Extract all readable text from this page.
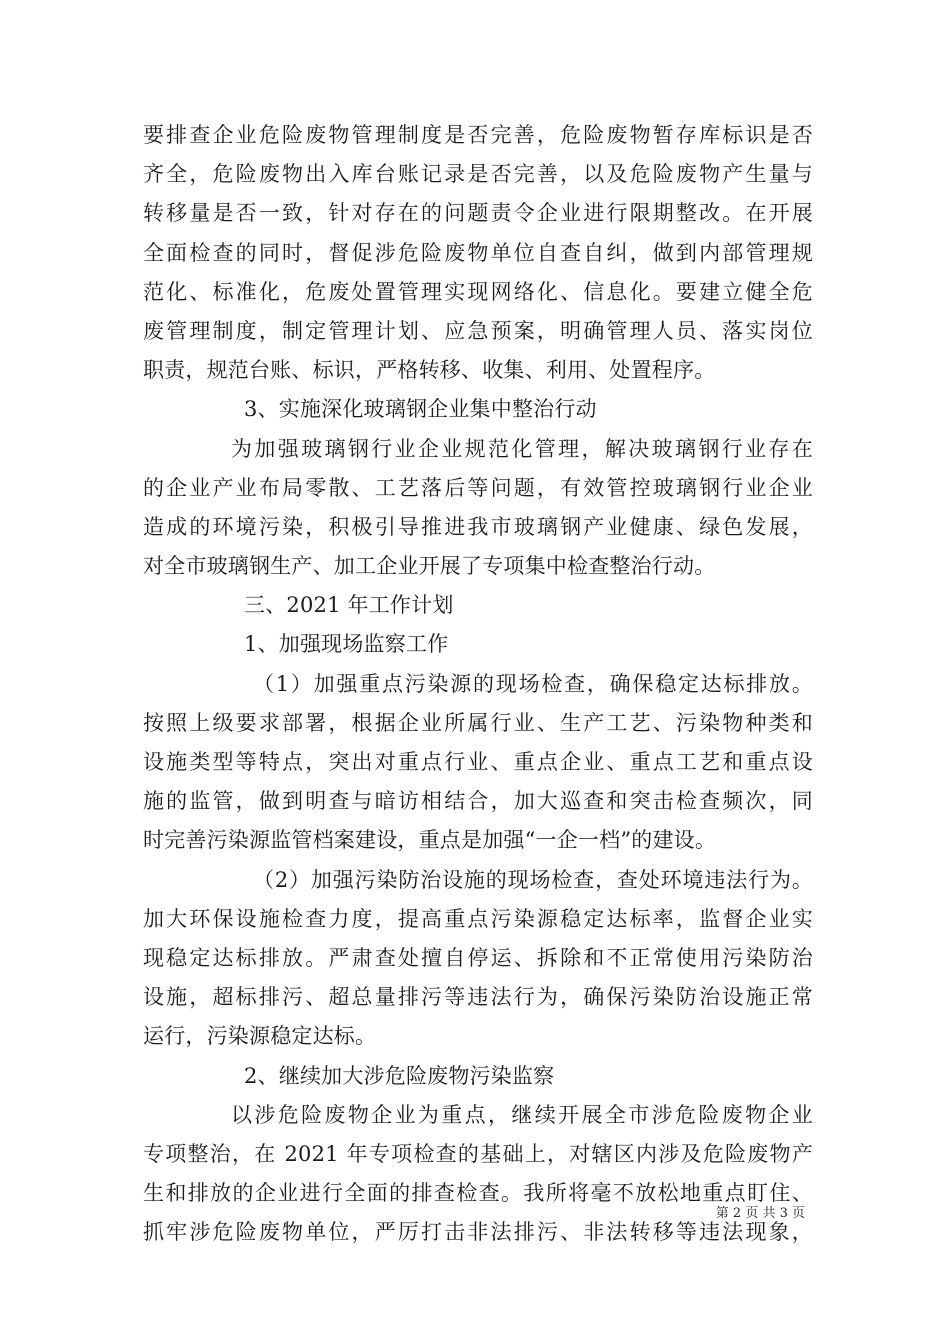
要排查企业危险废物管理制度是否完善，危险废物暂存库标识是否
齐全，危险废物出入库台账记录是否完善，以及危险废物产生量与
转移量是否一致，针对存在的问题责令企业进行限期整改。在开展
全面检查的同时，督促涉危险废物单位自查自纠，做到内部管理规
范化、标准化，危废处置管理实现网络化、信息化。要建立健全危
废管理制度，制定管理计划、应急预案，明确管理人员、落实岗位
职责，规范台账、标识，严格转移、收集、利用、处置程序。
3、实施深化玻璃钢企业集中整治行动
为加强玻璃钢行业企业规范化管理，解决玻璃钢行业存在
的企业产业布局零散、工艺落后等问题，有效管控玻璃钢行业企业
造成的环境污染，积极引导推进我市玻璃钢产业健康、绿色发展，
对全市玻璃钢生产、加工企业开展了专项集中检查整治行动。
三、2021 年工作计划
1、加强现场监察工作
（1）加强重点污染源的现场检查，确保稳定达标排放。
按照上级要求部署，根据企业所属行业、生产工艺、污染物种类和
设施类型等特点，突出对重点行业、重点企业、重点工艺和重点设
施的监管，做到明查与暗访相结合，加大巡查和突击检查频次，同
时完善污染源监管档案建设，重点是加强“一企一档”的建设。
（2）加强污染防治设施的现场检查，查处环境违法行为。
加大环保设施检查力度，提高重点污染源稳定达标率，监督企业实
现稳定达标排放。严肃查处擅自停运、拆除和不正常使用污染防治
设施，超标排污、超总量排污等违法行为，确保污染防治设施正常
运行，污染源稳定达标。
2、继续加大涉危险废物污染监察
以涉危险废物企业为重点，继续开展全市涉危险废物企业
专项整治，在 2021 年专项检查的基础上，对辖区内涉及危险废物产
生和排放的企业进行全面的排查检查。我所将毫不放松地重点盯住、
抓牢涉危险废物单位，严厉打击非法排污、非法转移等违法现象，
第 2 页 共 3 页
